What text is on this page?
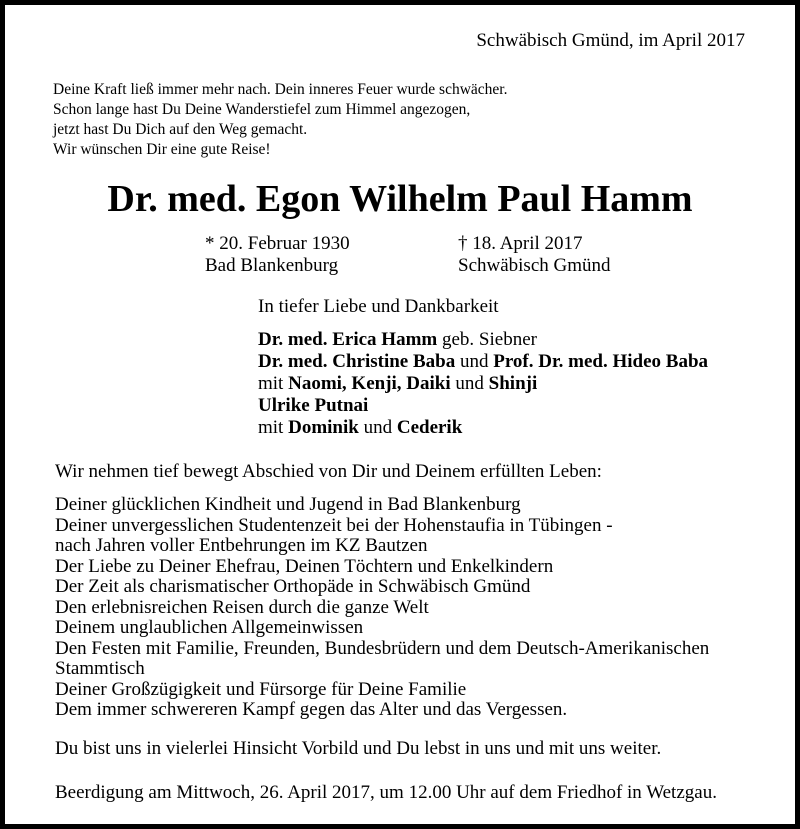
Schwäbisch Gmünd, im April 2017
Deine Kraft ließ immer mehr nach. Dein inneres Feuer wurde schwächer.
Schon lange hast Du Deine Wanderstiefel zum Himmel angezogen,
jetzt hast Du Dich auf den Weg gemacht.
Wir wünschen Dir eine gute Reise!
Dr. med. Egon Wilhelm Paul Hamm
* 20. Februar 1930
Bad Blankenburg
† 18. April 2017
Schwäbisch Gmünd
In tiefer Liebe und Dankbarkeit
Dr. med. Erica Hamm geb. Siebner
Dr. med. Christine Baba und Prof. Dr. med. Hideo Baba
mit Naomi, Kenji, Daiki und Shinji
Ulrike Putnai
mit Dominik und Cederik
Wir nehmen tief bewegt Abschied von Dir und Deinem erfüllten Leben:
Deiner glücklichen Kindheit und Jugend in Bad Blankenburg
Deiner unvergesslichen Studentenzeit bei der Hohenstaufia in Tübingen -
nach Jahren voller Entbehrungen im KZ Bautzen
Der Liebe zu Deiner Ehefrau, Deinen Töchtern und Enkelkindern
Der Zeit als charismatischer Orthopäde in Schwäbisch Gmünd
Den erlebnisreichen Reisen durch die ganze Welt
Deinem unglaublichen Allgemeinwissen
Den Festen mit Familie, Freunden, Bundesbrüdern und dem Deutsch-Amerikanischen
Stammtisch
Deiner Großzügigkeit und Fürsorge für Deine Familie
Dem immer schwereren Kampf gegen das Alter und das Vergessen.
Du bist uns in vielerlei Hinsicht Vorbild und Du lebst in uns und mit uns weiter.
Beerdigung am Mittwoch, 26. April 2017, um 12.00 Uhr auf dem Friedhof in Wetzgau.
